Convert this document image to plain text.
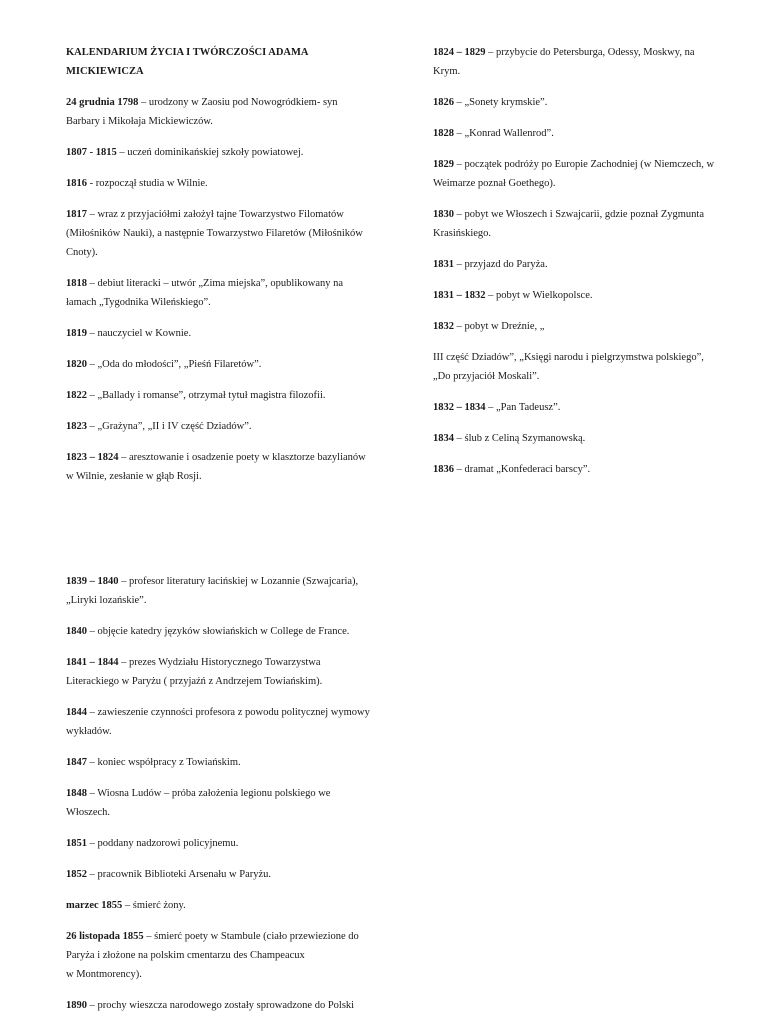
KALENDARIUM ŻYCIA I TWÓRCZOŚCI ADAMA MICKIEWICZA
24 grudnia 1798 – urodzony w Zaosiu pod Nowogródkiem- syn Barbary i Mikołaja Mickiewiczów.
1807 - 1815 – uczeń dominikańskiej szkoły powiatowej.
1816 - rozpoczął studia w Wilnie.
1817 – wraz z przyjaciółmi założył tajne Towarzystwo Filomatów (Miłośników Nauki), a następnie Towarzystwo Filaretów (Miłośników Cnoty).
1818 – debiut literacki – utwór „Zima miejska”, opublikowany na łamach „Tygodnika Wileńskiego”.
1819 – nauczyciel w Kownie.
1820 – „Oda do młodości”, „Pieśń Filaretów”.
1822 – „Ballady i romanse”, otrzymał tytuł magistra filozofii.
1823 – „Grażyna”, „II i IV część Dziadów”.
1823 – 1824 – aresztowanie i osadzenie poety w klasztorze bazylianów w Wilnie, zesłanie w głąb Rosji.
1824 – 1829 – przybycie do Petersburga, Odessy, Moskwy, na Krym.
1826 – „Sonety krymskie”.
1828 – „Konrad Wallenrod”.
1829 – początek podróży po Europie Zachodniej (w Niemczech, w Weimarze poznał Goethego).
1830 – pobyt we Włoszech i Szwajcarii, gdzie poznał Zygmunta Krasińskiego.
1831 – przyjazd do Paryża.
1831 – 1832 – pobyt w Wielkopolsce.
1832 – pobyt w Dreźnie, „
III część Dziadów”, „Księgi narodu i pielgrzymstwa polskiego”, „Do przyjaciół Moskali”.
1832 – 1834 – „Pan Tadeusz”.
1834 – ślub z Celiną Szymanowską.
1836 – dramat „Konfederaci barscy”.
1839 – 1840 – profesor literatury łacińskiej w Lozannie (Szwajcaria), „Liryki lozańskie”.
1840 – objęcie katedry języków słowiańskich w College de France.
1841 – 1844 – prezes Wydziału Historycznego Towarzystwa Literackiego w Paryżu ( przyjaźń z Andrzejem Towiańskim).
1844 – zawieszenie czynności profesora z powodu politycznej wymowy wykładów.
1847 – koniec współpracy z Towiańskim.
1848 – Wiosna Ludów – próba założenia legionu polskiego we Włoszech.
1851 – poddany nadzorowi policyjnemu.
1852 – pracownik Biblioteki Arsenału w Paryżu.
marzec 1855 – śmierć żony.
26 listopada 1855 – śmierć poety w Stambule (ciało przewiezione do Paryża i złożone na polskim cmentarzu des Champeacux
w Montmorency).
1890 – prochy wieszcza narodowego zostały sprowadzone do Polski
